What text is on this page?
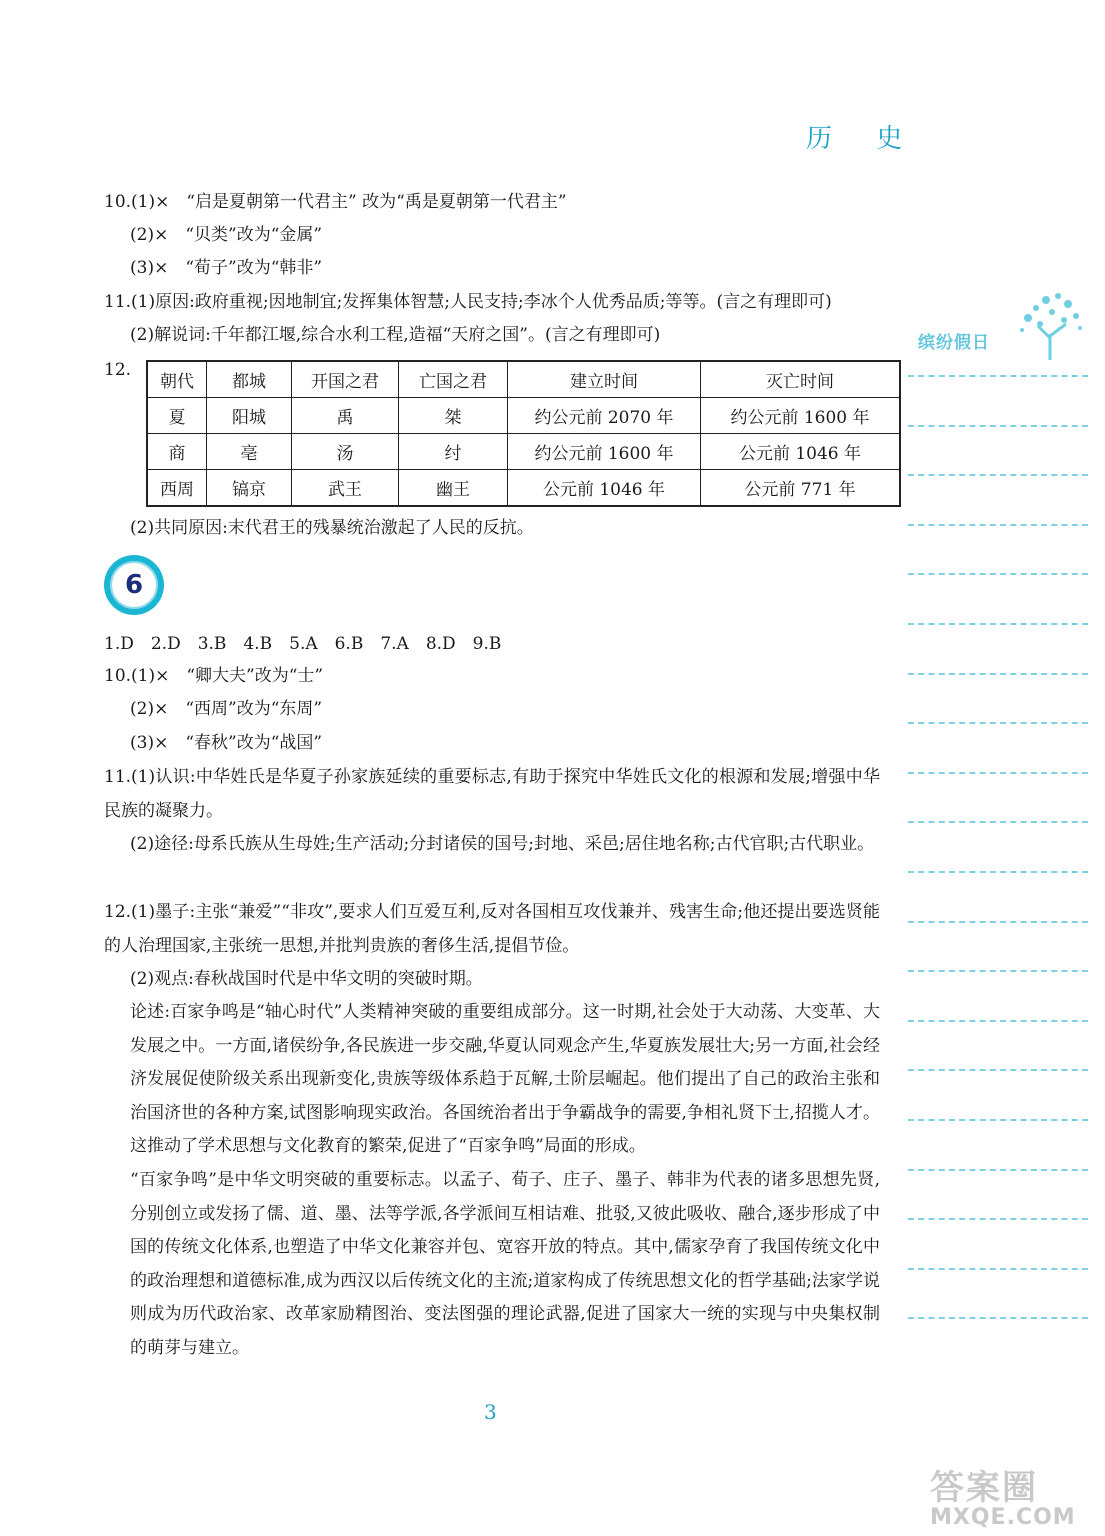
历 史
10.(1)×　“启是夏朝第一代君主” 改为“禹是夏朝第一代君主”
(2)×　“贝类”改为“金属”
(3)×　“荀子”改为“韩非”
11.(1)原因:政府重视;因地制宜;发挥集体智慧;人民支持;李冰个人优秀品质;等等。(言之有理即可)
(2)解说词:千年都江堰,综合水利工程,造福“天府之国”。(言之有理即可)
12.
朝代	都城	开国之君	亡国之君	建立时间	灭亡时间
夏	阳城	禹	桀	约公元前 2070 年	约公元前 1600 年
商	亳	汤	纣	约公元前 1600 年	公元前 1046 年
西周	镐京	武王	幽王	公元前 1046 年	公元前 771 年
(2)共同原因:末代君王的残暴统治激起了人民的反抗。
6
1.D　2.D　3.B　4.B　5.A　6.B　7.A　8.D　9.B
10.(1)×　“卿大夫”改为“士”
(2)×　“西周”改为“东周”
(3)×　“春秋”改为“战国”
11.(1)认识:中华姓氏是华夏子孙家族延续的重要标志,有助于探究中华姓氏文化的根源和发展;增强中华民族的凝聚力。
(2)途径:母系氏族从生母姓;生产活动;分封诸侯的国号;封地、采邑;居住地名称;古代官职;古代职业。
12.(1)墨子:主张“兼爱”“非攻”,要求人们互爱互利,反对各国相互攻伐兼并、残害生命;他还提出要选贤能的人治理国家,主张统一思想,并批判贵族的奢侈生活,提倡节俭。
(2)观点:春秋战国时代是中华文明的突破时期。
论述:百家争鸣是“轴心时代”人类精神突破的重要组成部分。这一时期,社会处于大动荡、大变革、大发展之中。一方面,诸侯纷争,各民族进一步交融,华夏认同观念产生,华夏族发展壮大;另一方面,社会经济发展促使阶级关系出现新变化,贵族等级体系趋于瓦解,士阶层崛起。他们提出了自己的政治主张和治国济世的各种方案,试图影响现实政治。各国统治者出于争霸战争的需要,争相礼贤下士,招揽人才。这推动了学术思想与文化教育的繁荣,促进了“百家争鸣”局面的形成。
“百家争鸣”是中华文明突破的重要标志。以孟子、荀子、庄子、墨子、韩非为代表的诸多思想先贤,分别创立或发扬了儒、道、墨、法等学派,各学派间互相诘难、批驳,又彼此吸收、融合,逐步形成了中国的传统文化体系,也塑造了中华文化兼容并包、宽容开放的特点。其中,儒家孕育了我国传统文化中的政治理想和道德标准,成为西汉以后传统文化的主流;道家构成了传统思想文化的哲学基础;法家学说则成为历代政治家、改革家励精图治、变法图强的理论武器,促进了国家大一统的实现与中央集权制的萌芽与建立。
缤纷假日
3
答案圈
MXQE.COM
